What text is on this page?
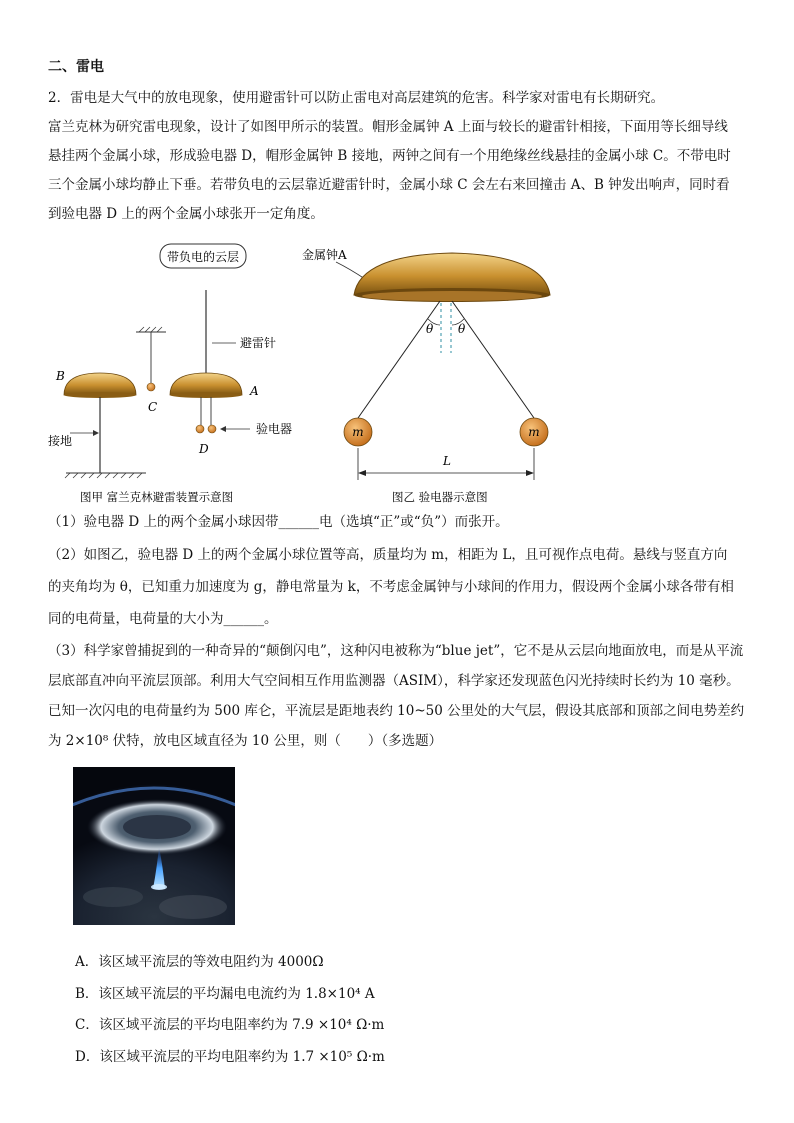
二、雷电
2．雷电是大气中的放电现象，使用避雷针可以防止雷电对高层建筑的危害。科学家对雷电有长期研究。
富兰克林为研究雷电现象，设计了如图甲所示的装置。帽形金属钟 A 上面与较长的避雷针相接，下面用等长细导线
悬挂两个金属小球，形成验电器 D，帽形金属钟 B 接地，两钟之间有一个用绝缘丝线悬挂的金属小球 C。不带电时
三个金属小球均静止下垂。若带负电的云层靠近避雷针时，金属小球 C 会左右来回撞击 A、B 钟发出响声，同时看
到验电器 D 上的两个金属小球张开一定角度。
带负电的云层
避雷针
A
D
验电器
C
B
接地
图甲 富兰克林避雷装置示意图
金属钟A
θ θ
m	m
L
图乙 验电器示意图
（1）验电器 D 上的两个金属小球因带______电（选填“正”或“负”）而张开。
（2）如图乙，验电器 D 上的两个金属小球位置等高，质量均为 m，相距为 L，且可视作点电荷。悬线与竖直方向
的夹角均为 θ，已知重力加速度为 g，静电常量为 k，不考虑金属钟与小球间的作用力，假设两个金属小球各带有相
同的电荷量，电荷量的大小为______。
（3）科学家曾捕捉到的一种奇异的“颠倒闪电”，这种闪电被称为“blue jet”，它不是从云层向地面放电，而是从平流
层底部直冲向平流层顶部。利用大气空间相互作用监测器（ASIM），科学家还发现蓝色闪光持续时长约为 10 毫秒。
已知一次闪电的电荷量约为 500 库仑，平流层是距地表约 10~50 公里处的大气层，假设其底部和顶部之间电势差约
为 2×10⁸ 伏特，放电区域直径为 10 公里，则（　　）（多选题）
A．该区域平流层的等效电阻约为 4000Ω
B．该区域平流层的平均漏电电流约为 1.8×10⁴ A
C．该区域平流层的平均电阻率约为 7.9 ×10⁴ Ω·m
D．该区域平流层的平均电阻率约为 1.7 ×10⁵ Ω·m
